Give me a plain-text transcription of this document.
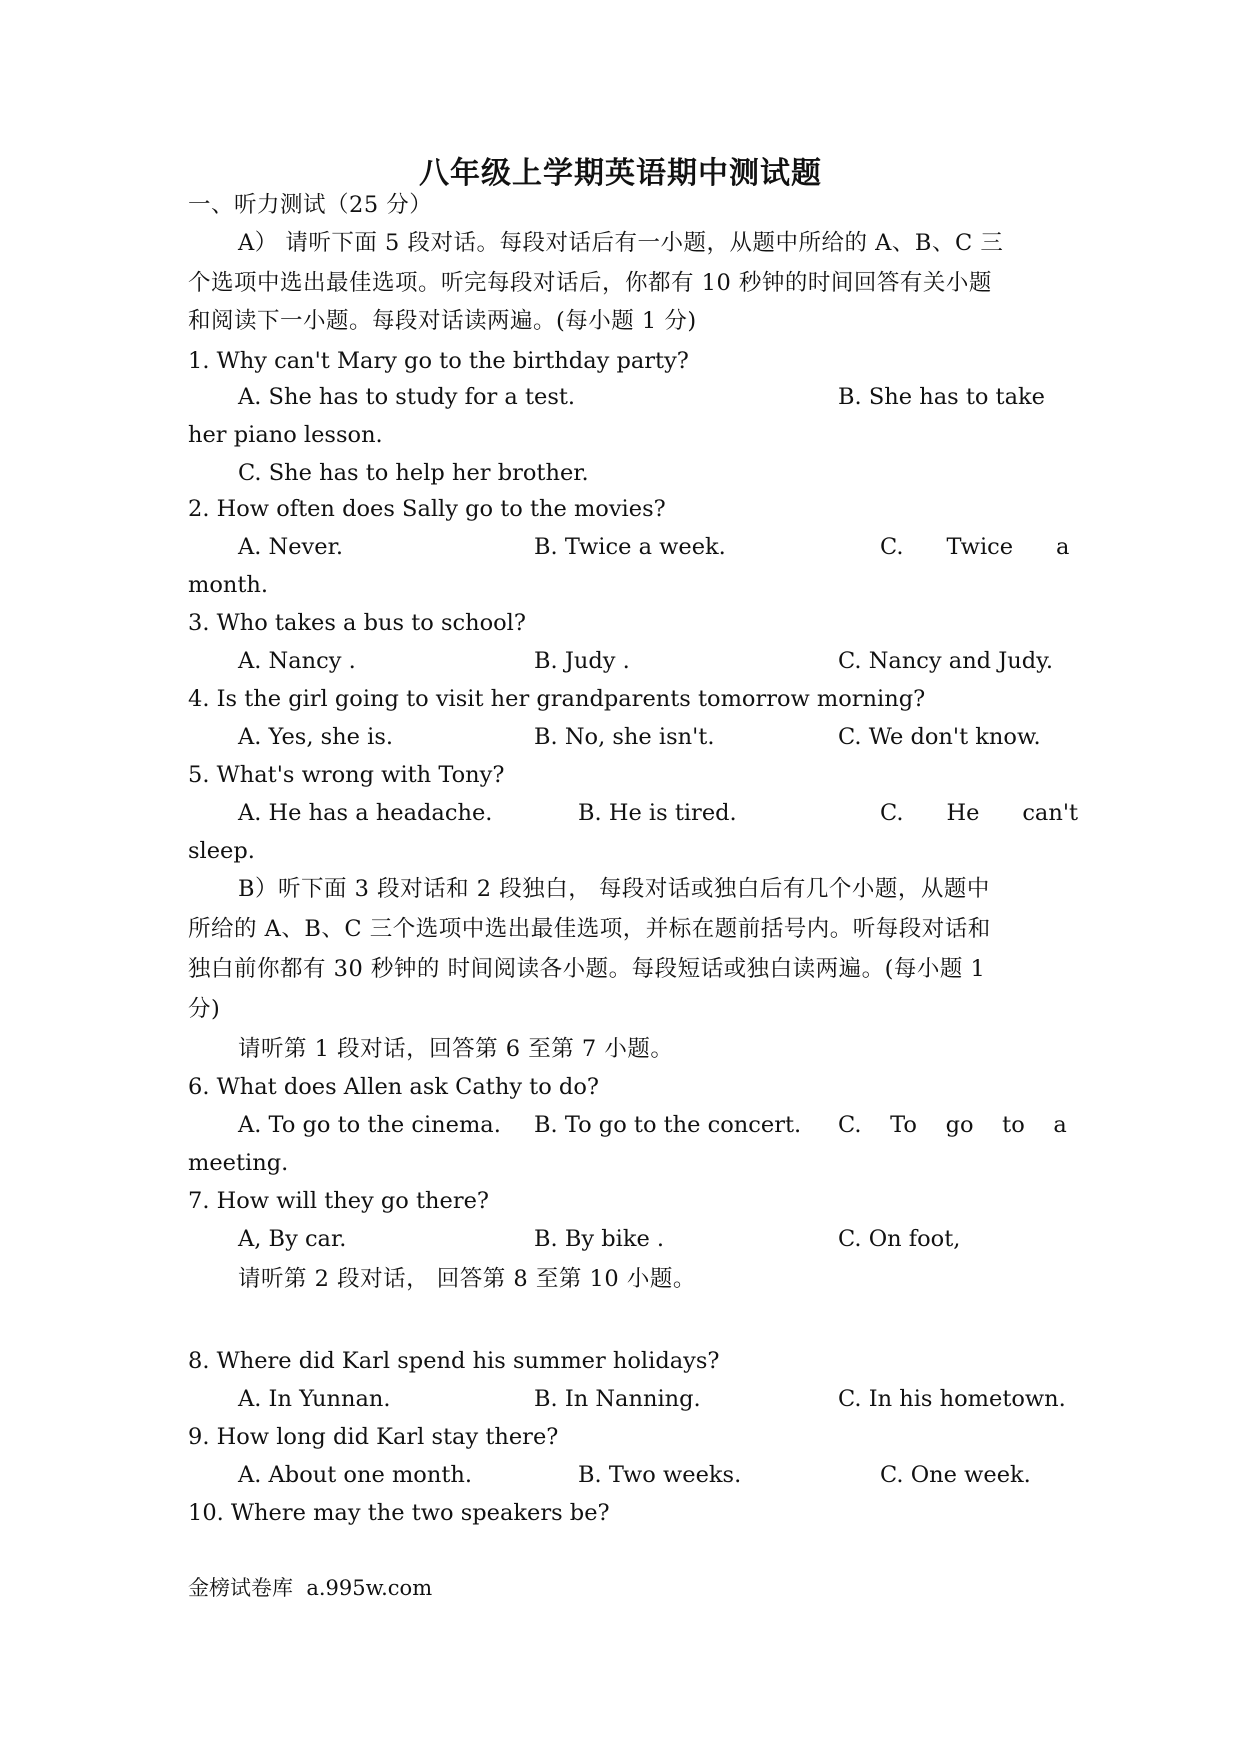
八年级上学期英语期中测试题
一、听力测试（25 分）
A） 请听下面 5 段对话。每段对话后有一小题，从题中所给的 A、B、C 三
个选项中选出最佳选项。听完每段对话后，你都有 10 秒钟的时间回答有关小题
和阅读下一小题。每段对话读两遍。(每小题 1 分)
1. Why can't Mary go to the birthday party?
A. She has to study for a test.	B. She has to take
her piano lesson.
C. She has to help her brother.
2. How often does Sally go to the movies?
A. Never.	B. Twice a week.	C.      Twice      a
month.
3. Who takes a bus to school?
A. Nancy .	B. Judy .	C. Nancy and Judy.
4. Is the girl going to visit her grandparents tomorrow morning?
A. Yes, she is.	B. No, she isn't.	C. We don't know.
5. What's wrong with Tony?
A. He has a headache.	B. He is tired.	C.      He      can't
sleep.
B）听下面 3 段对话和 2 段独白， 每段对话或独白后有几个小题，从题中
所给的 A、B、C 三个选项中选出最佳选项，并标在题前括号内。听每段对话和
独白前你都有 30 秒钟的 时间阅读各小题。每段短话或独白读两遍。(每小题 1
分)
请听第 1 段对话，回答第 6 至第 7 小题。
6. What does Allen ask Cathy to do?
A. To go to the cinema. B. To go to the concert. C.    To    go    to    a
meeting.
7. How will they go there?
A, By car.	B. By bike .	C. On foot,
请听第 2 段对话， 回答第 8 至第 10 小题。
8. Where did Karl spend his summer holidays?
A. In Yunnan.	B. In Nanning.	C. In his hometown.
9. How long did Karl stay there?
A. About one month.	B. Two weeks.	C. One week.
10. Where may the two speakers be?
金榜试卷库  a.995w.com
